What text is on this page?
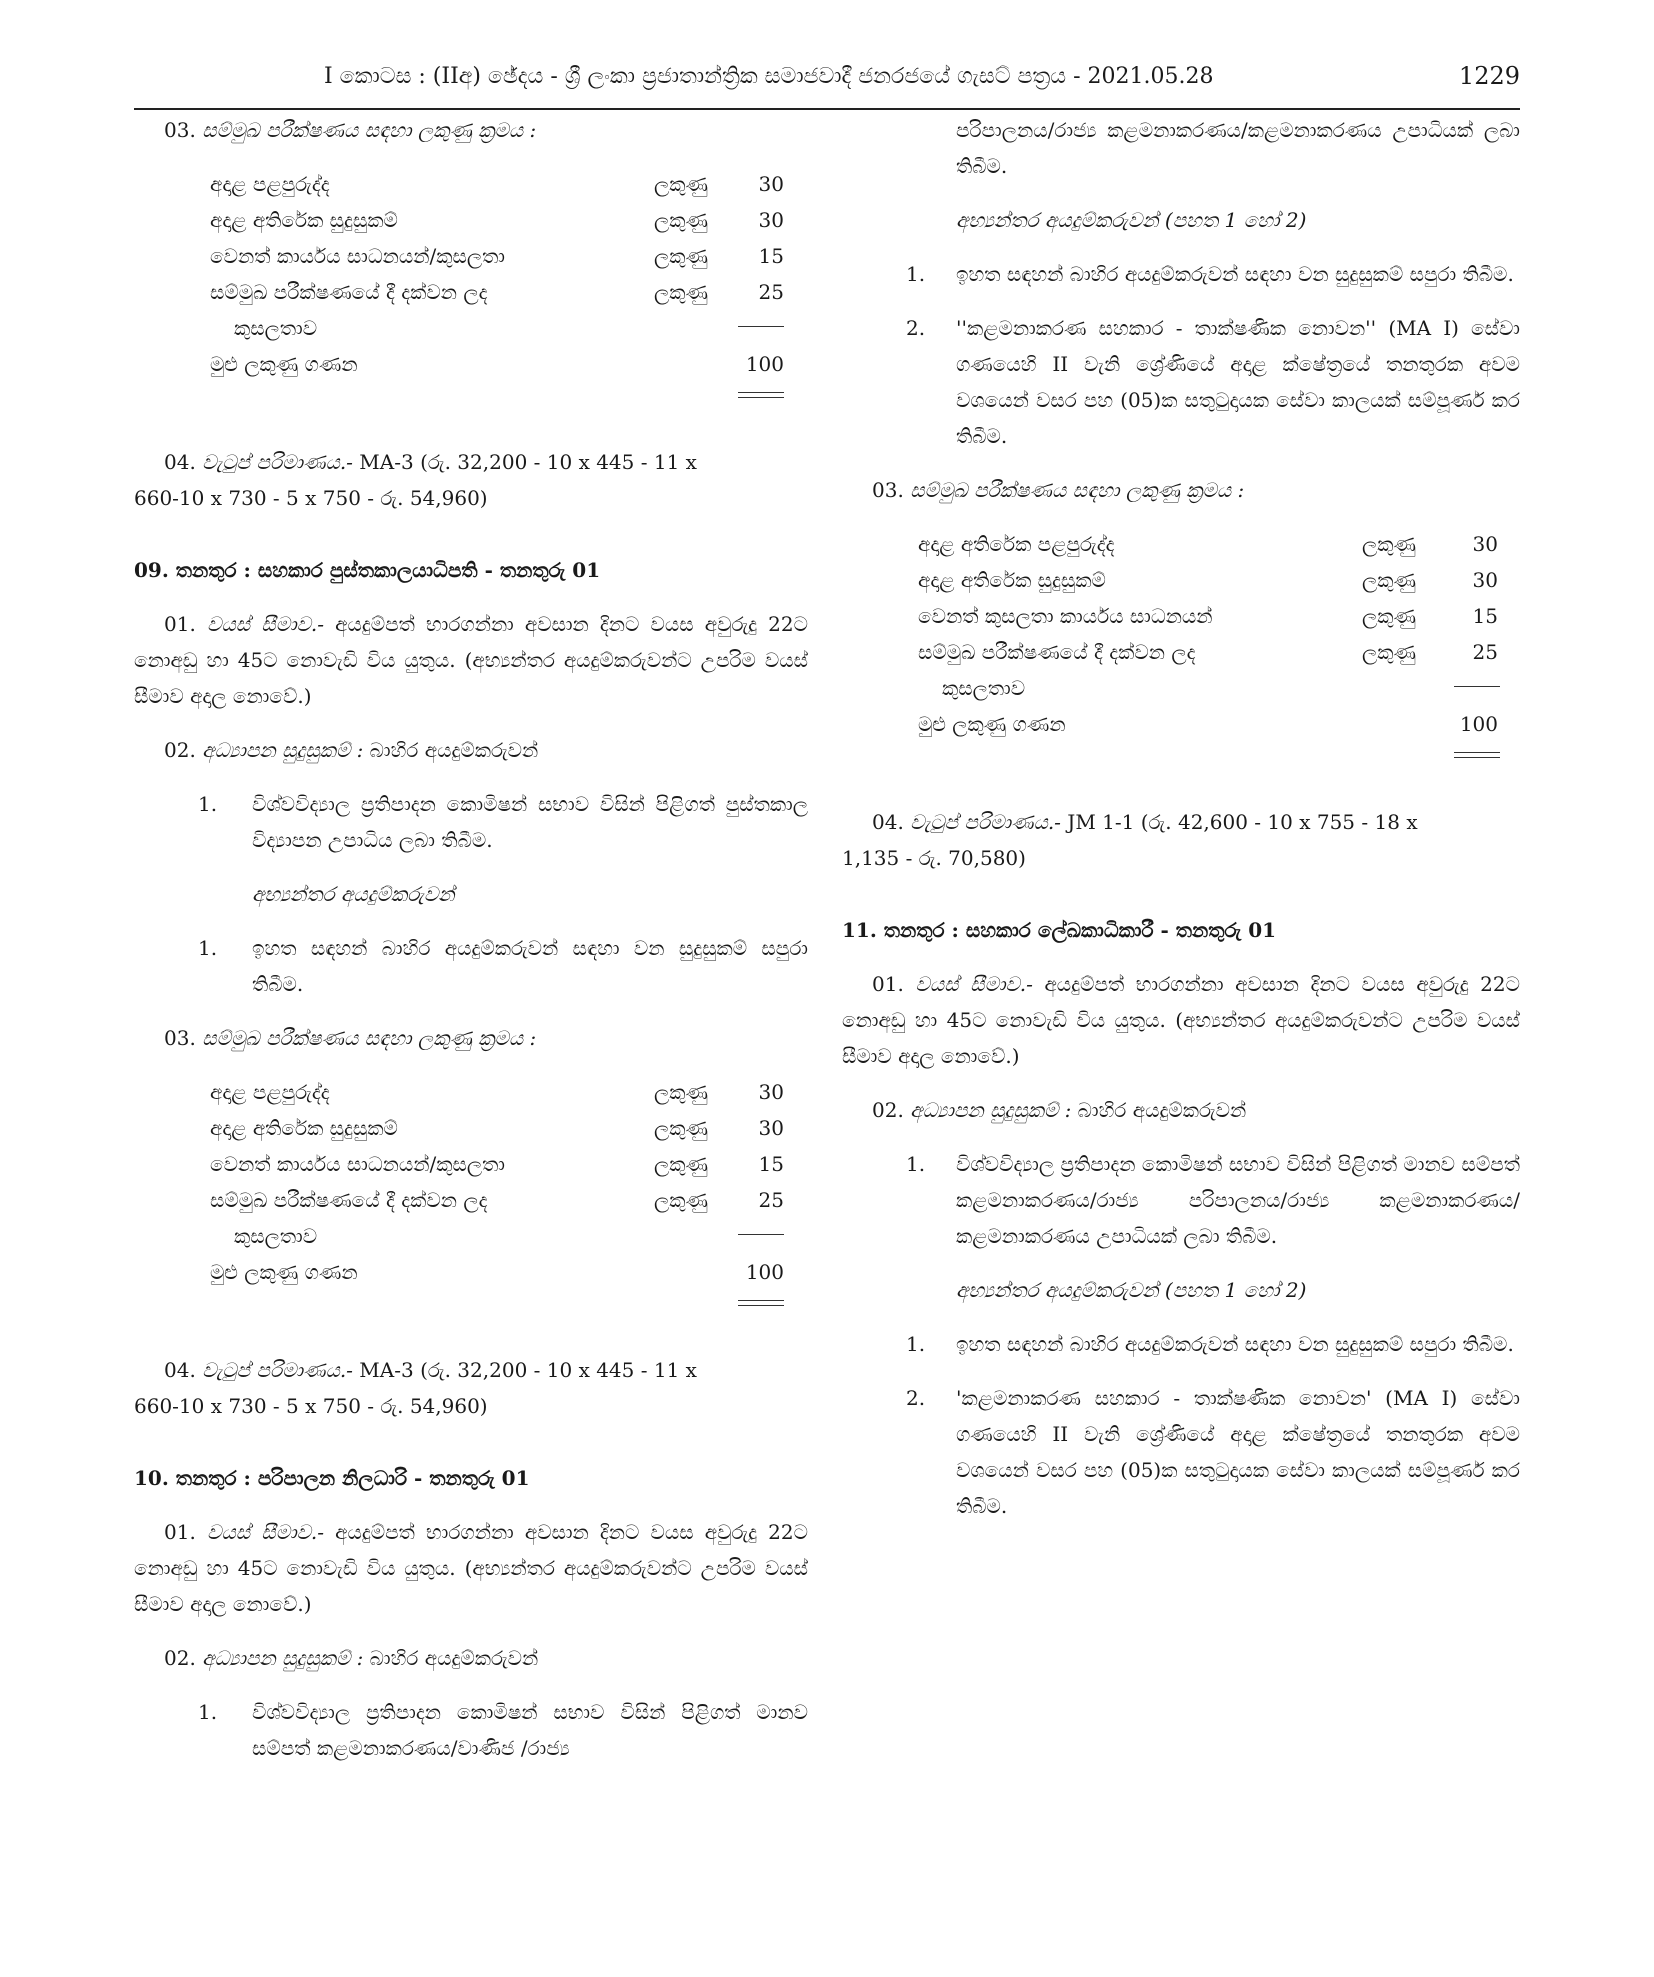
I කොටස : (IIඅ) ඡේදය - ශ්‍රී ලංකා ප්‍රජාතාන්ත්‍රික සමාජවාදී ජනරජයේ ගැසට් පත්‍රය - 2021.05.28	1229

03. සම්මුඛ පරීක්ෂණය සඳහා ලකුණු ක්‍රමය :

අදාළ පළපුරුද්ද	ලකුණු	30
අදාළ අතිරේක සුදුසුකම්	ලකුණු	30
වෙනත් කාර්යය සාධනයන්/කුසලතා	ලකුණු	15
සම්මුඛ පරීක්ෂණයේ දී දක්වන ලද	ලකුණු	25
කුසලතාව
මුළු ලකුණු ගණන	100

04. වැටුප් පරිමාණය.- MA-3 (රු. 32,200 - 10 x 445 - 11 x

660-10 x 730 - 5 x 750 - රු. 54,960)

09. තනතුර : සහකාර පුස්තකාලයාධිපති - තනතුරු 01

01. වයස් සීමාව.- අයදුම්පත් භාරගන්නා අවසාන දිනට වයස අවුරුදු 22ට නොඅඩු හා 45ට නොවැඩි විය යුතුය. (අභ්‍යන්තර අයදුම්කරුවන්ට උපරිම වයස් සීමාව අදාල නොවේ.)

02. අධ්‍යාපන සුදුසුකම් : බාහිර අයදුම්කරුවන්

1. විශ්වවිද්‍යාල ප්‍රතිපාදන කොමිෂන් සභාව විසින් පිළිගත් පුස්තකාල විද්‍යාපන උපාධිය ලබා තිබීම.

අභ්‍යන්තර අයදුම්කරුවන්

1. ඉහත සඳහන් බාහිර අයදුම්කරුවන් සඳහා වන සුදුසුකම් සපුරා තිබීම.

03. සම්මුඛ පරීක්ෂණය සඳහා ලකුණු ක්‍රමය :

අදාළ පළපුරුද්ද	ලකුණු	30
අදාළ අතිරේක සුදුසුකම්	ලකුණු	30
වෙනත් කාර්යය සාධනයන්/කුසලතා	ලකුණු	15
සම්මුඛ පරීක්ෂණයේ දී දක්වන ලද	ලකුණු	25
කුසලතාව
මුළු ලකුණු ගණන	100

04. වැටුප් පරිමාණය.- MA-3 (රු. 32,200 - 10 x 445 - 11 x

660-10 x 730 - 5 x 750 - රු. 54,960)

10. තනතුර : පරිපාලන නිලධාරි - තනතුරු 01

01. වයස් සීමාව.- අයදුම්පත් භාරගන්නා අවසාන දිනට වයස අවුරුදු 22ට නොඅඩු හා 45ට නොවැඩි විය යුතුය. (අභ්‍යන්තර අයදුම්කරුවන්ට උපරිම වයස් සීමාව අදාල නොවේ.)

02. අධ්‍යාපන සුදුසුකම් : බාහිර අයදුම්කරුවන්

1. විශ්වවිද්‍යාල ප්‍රතිපාදන කොමිෂන් සභාව විසින් පිළිගත් මානව සම්පත් කළමනාකරණය/වාණිජ /රාජ්‍ය
පරිපාලනය/රාජ්‍ය කළමනාකරණය/කළමනාකරණය උපාධියක් ලබා තිබීම.

අභ්‍යන්තර අයදුම්කරුවන් (පහත 1 හෝ 2)

1. ඉහත සඳහන් බාහිර අයදුම්කරුවන් සඳහා වන සුදුසුකම් සපුරා තිබීම.
2. ''කළමනාකරණ සහකාර - තාක්ෂණික නොවන'' (MA I) සේවා ගණයෙහි II වැනි ශ්‍රේණියේ අදාළ ක්ෂේත්‍රයේ තනතුරක අවම වශයෙන් වසර පහ (05)ක සතුටුදායක සේවා කාලයක් සම්පූර්ණ කර තිබීම.

03. සම්මුඛ පරීක්ෂණය සඳහා ලකුණු ක්‍රමය :

අදාළ අතිරේක පළපුරුද්ද	ලකුණු	30
අදාළ අතිරේක සුදුසුකම්	ලකුණු	30
වෙනත් කුසලතා කාර්යය සාධනයන්	ලකුණු	15
සම්මුඛ පරීක්ෂණයේ දී දක්වන ලද	ලකුණු	25
කුසලතාව
මුළු ලකුණු ගණන	100

04. වැටුප් පරිමාණය.- JM 1-1 (රු. 42,600 - 10 x 755 - 18 x

1,135 - රු. 70,580)

11. තනතුර : සහකාර ලේඛකාධිකාරී - තනතුරු 01

01. වයස් සීමාව.- අයදුම්පත් භාරගන්නා අවසාන දිනට වයස අවුරුදු 22ට නොඅඩු හා 45ට නොවැඩි විය යුතුය. (අභ්‍යන්තර අයදුම්කරුවන්ට උපරිම වයස් සීමාව අදාල නොවේ.)

02. අධ්‍යාපන සුදුසුකම් : බාහිර අයදුම්කරුවන්

1. විශ්වවිද්‍යාල ප්‍රතිපාදන කොමිෂන් සභාව විසින් පිළිගත් මානව සම්පත් කළමනාකරණය/රාජ්‍ය පරිපාලනය/රාජ්‍ය කළමනාකරණය/කළමනාකරණය උපාධියක් ලබා තිබීම.

අභ්‍යන්තර අයදුම්කරුවන් (පහත 1 හෝ 2)

1. ඉහත සඳහන් බාහිර අයදුම්කරුවන් සඳහා වන සුදුසුකම් සපුරා තිබීම.
2. 'කළමනාකරණ සහකාර - තාක්ෂණික නොවන' (MA I) සේවා ගණයෙහි II වැනි ශ්‍රේණියේ අදාළ ක්ෂේත්‍රයේ තනතුරක අවම වශයෙන් වසර පහ (05)ක සතුටුදායක සේවා කාලයක් සම්පූර්ණ කර තිබීම.
